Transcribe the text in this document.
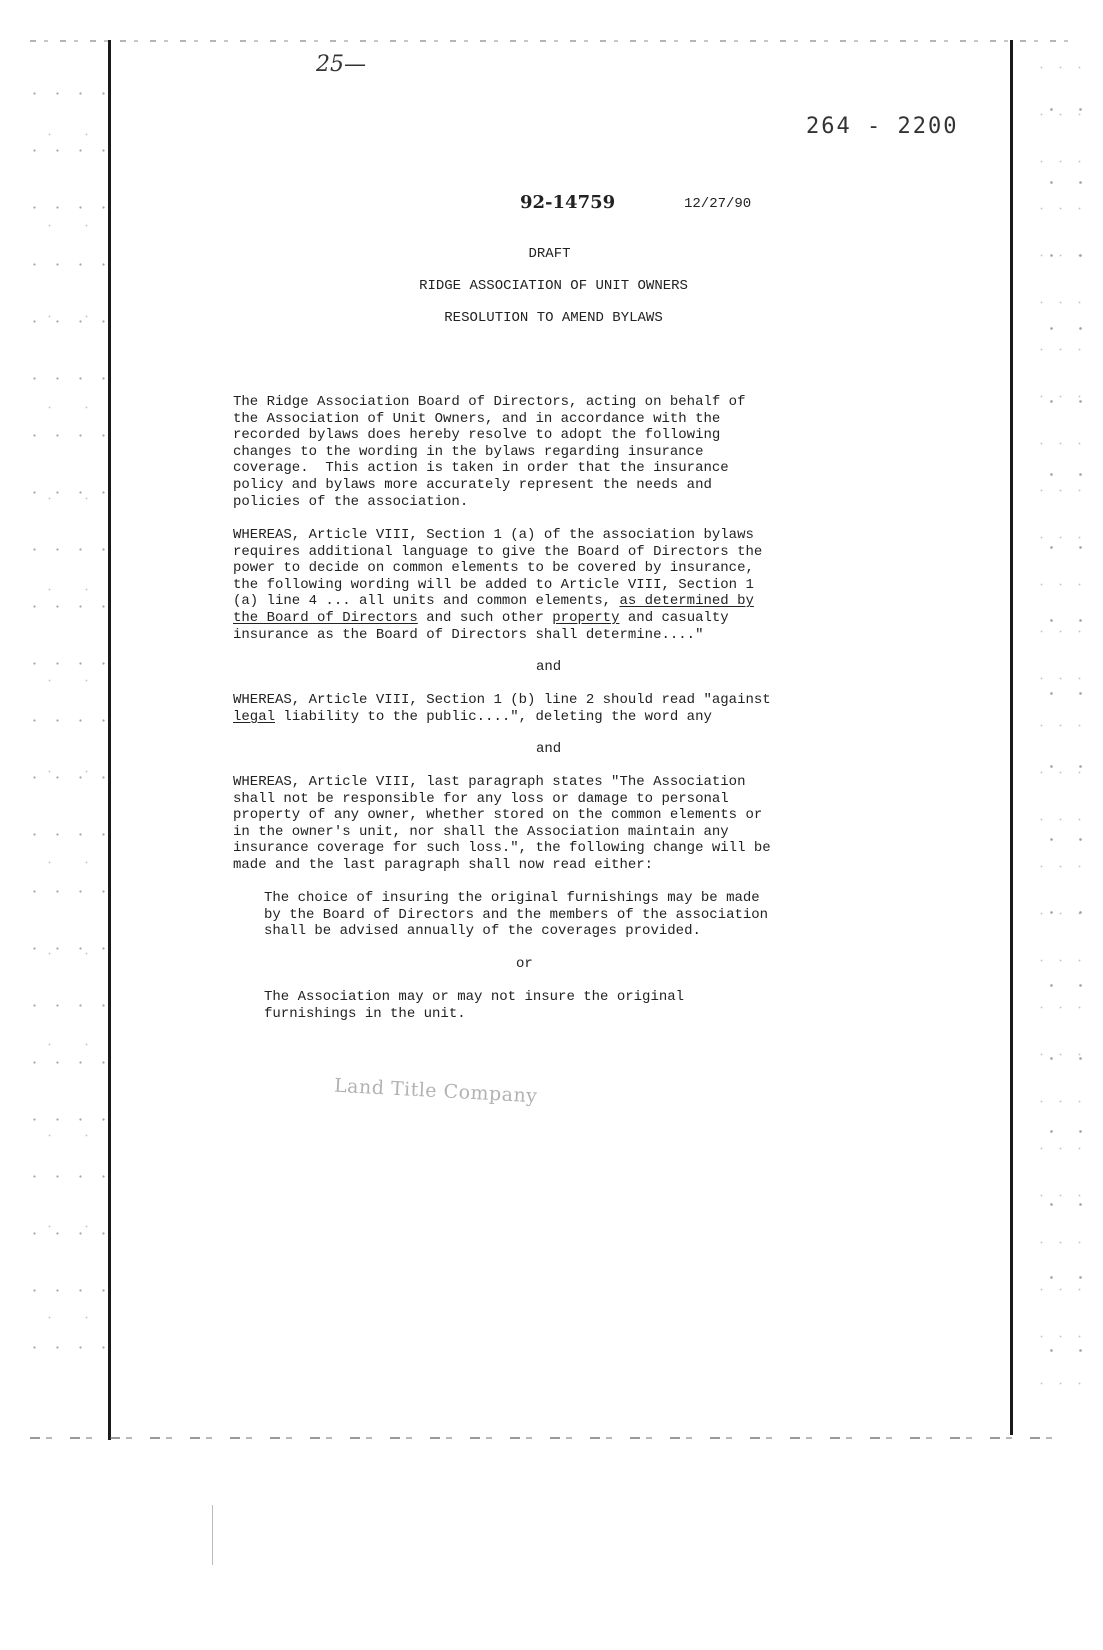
25—
264 ‑ 2200
92-14759	12/27/90
DRAFT
RIDGE ASSOCIATION OF UNIT OWNERS
RESOLUTION TO AMEND BYLAWS

The Ridge Association Board of Directors, acting on behalf of
the Association of Unit Owners, and in accordance with the
recorded bylaws does hereby resolve to adopt the following
changes to the wording in the bylaws regarding insurance
coverage.  This action is taken in order that the insurance
policy and bylaws more accurately represent the needs and
policies of the association.

WHEREAS, Article VIII, Section 1 (a) of the association bylaws
requires additional language to give the Board of Directors the
power to decide on common elements to be covered by insurance,
the following wording will be added to Article VIII, Section 1
(a) line 4 ... all units and common elements, as determined by
the Board of Directors and such other property and casualty
insurance as the Board of Directors shall determine...."

and

WHEREAS, Article VIII, Section 1 (b) line 2 should read "against
legal liability to the public....", deleting the word any

and

WHEREAS, Article VIII, last paragraph states "The Association
shall not be responsible for any loss or damage to personal
property of any owner, whether stored on the common elements or
in the owner's unit, nor shall the Association maintain any
insurance coverage for such loss.", the following change will be
made and the last paragraph shall now read either:

The choice of insuring the original furnishings may be made
by the Board of Directors and the members of the association
shall be advised annually of the coverages provided.

or

The Association may or may not insure the original
furnishings in the unit.

Land Title Company
